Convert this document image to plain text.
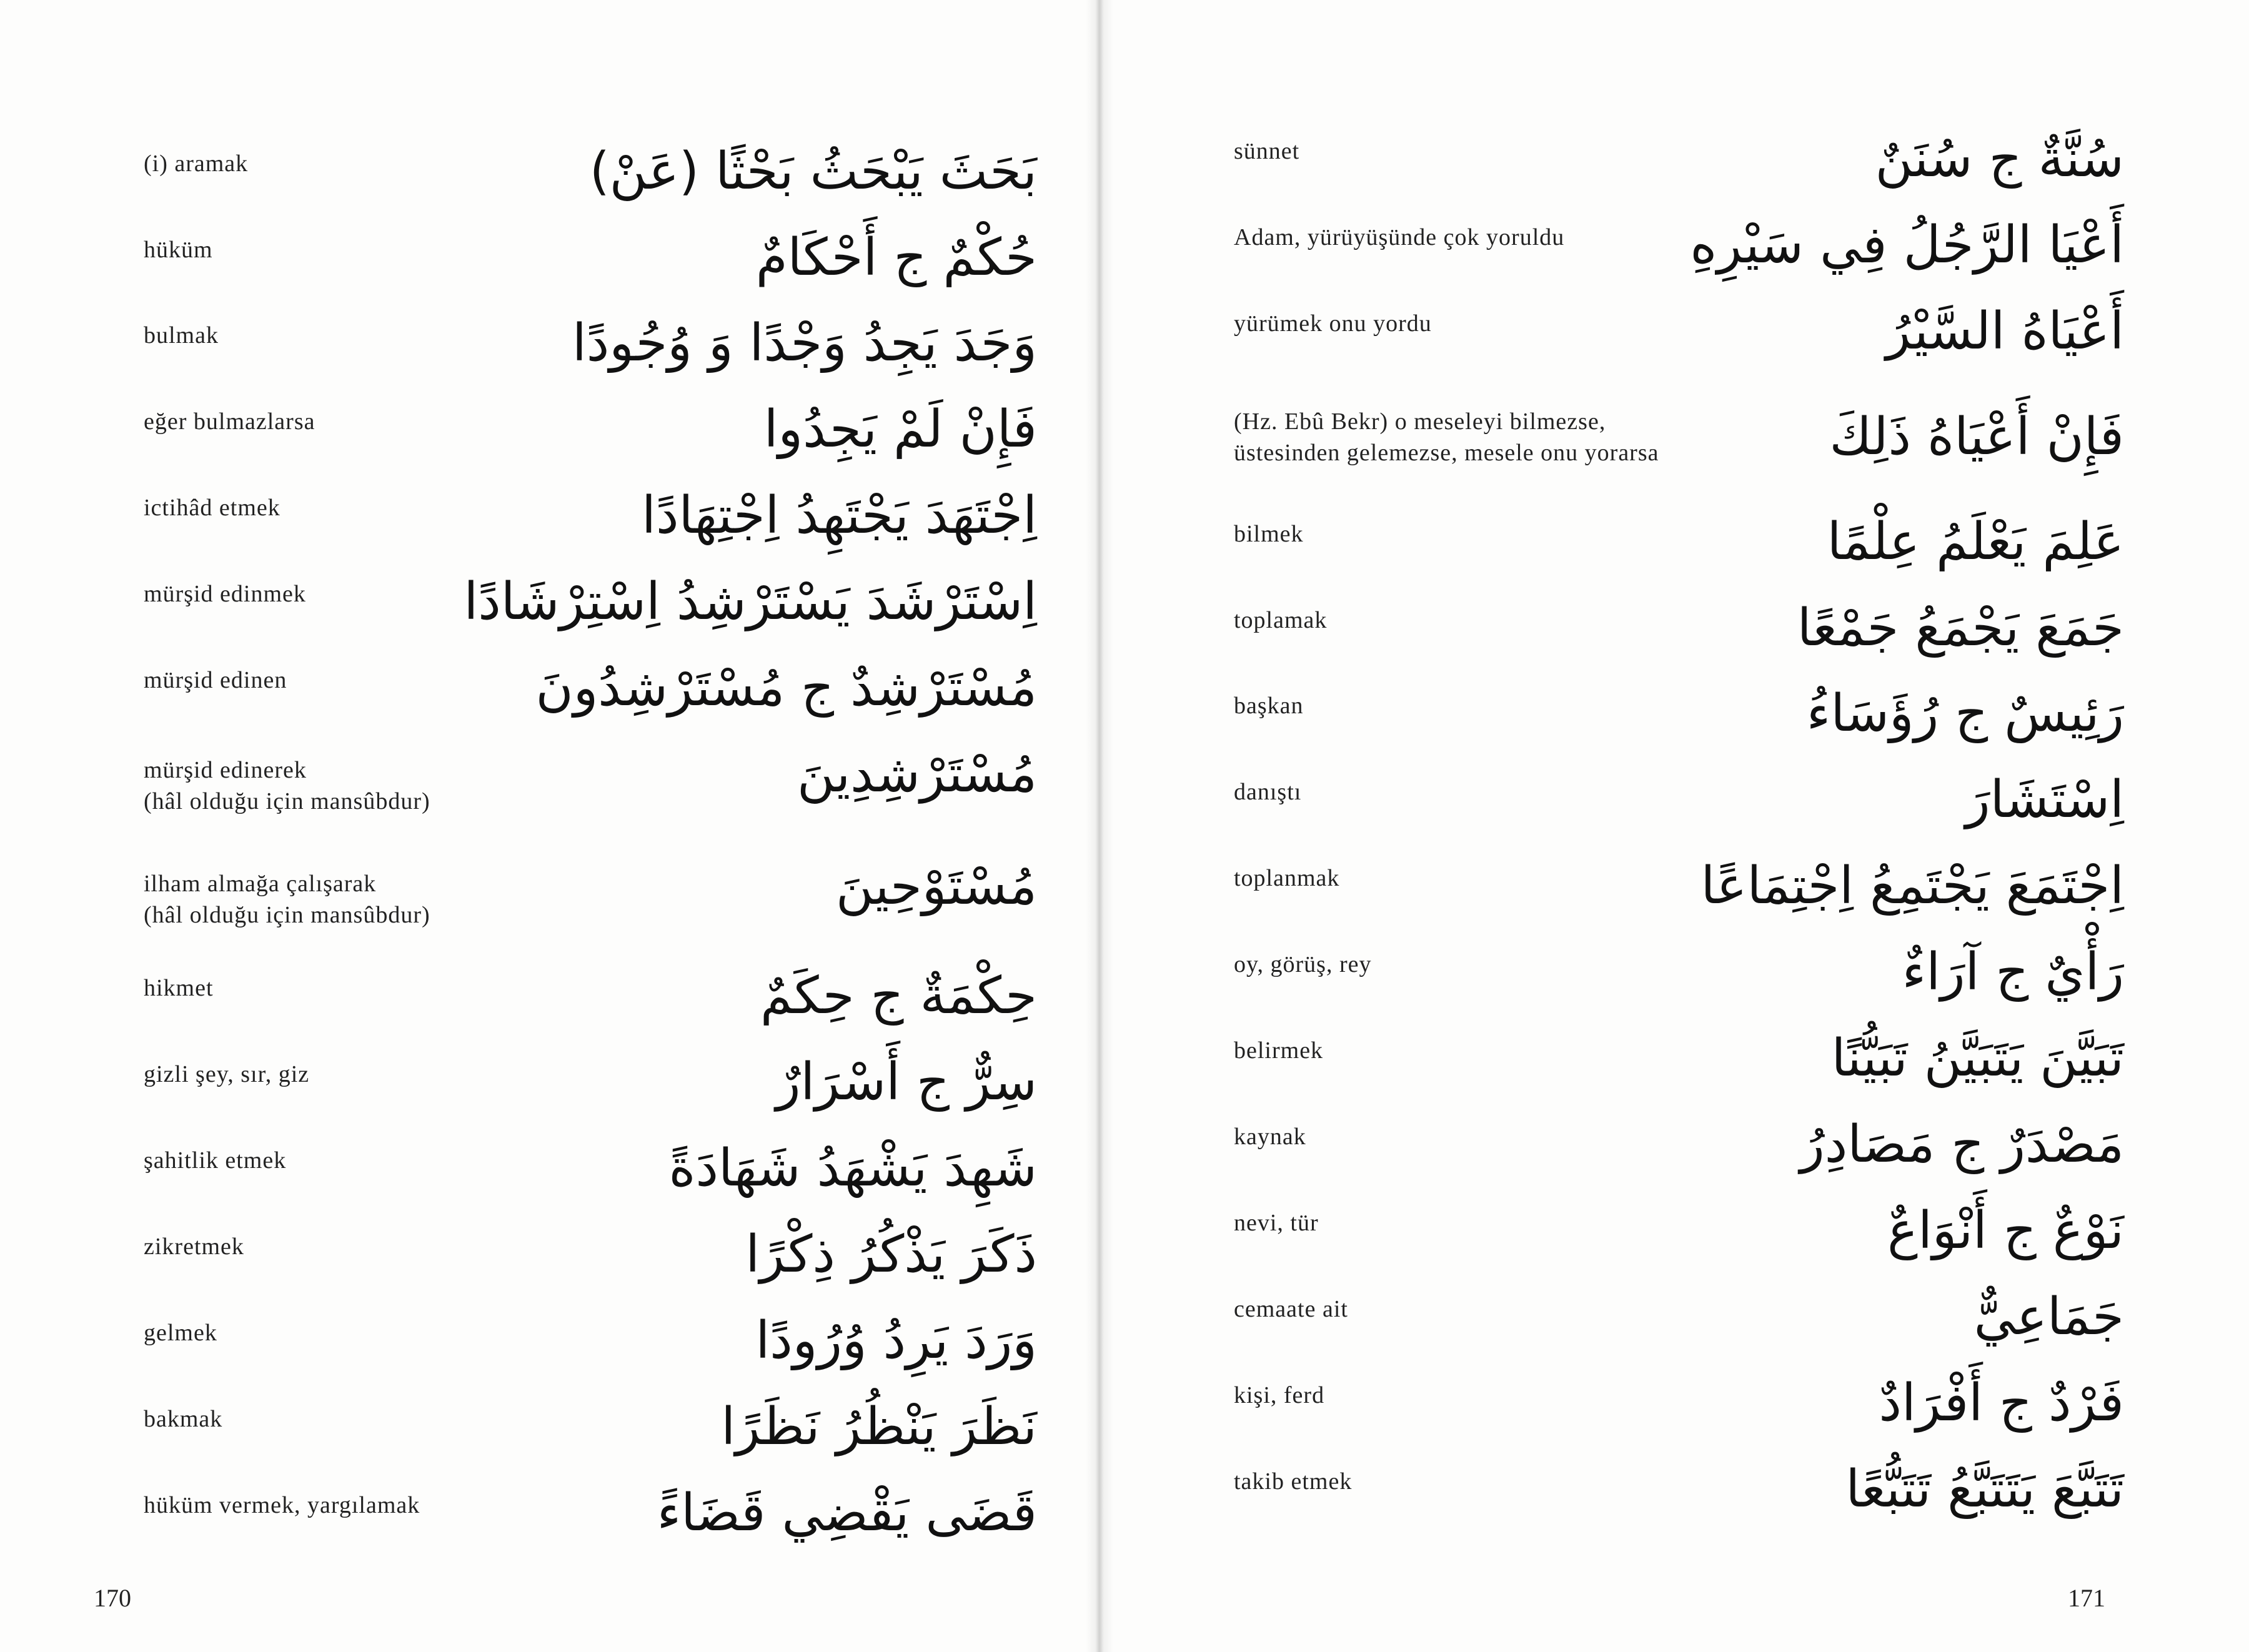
(i) aramak	بَحَثَ يَبْحَثُ بَحْثًا (عَنْ)
hüküm	حُكْمٌ ج أَحْكَامٌ
bulmak	وَجَدَ يَجِدُ وَجْدًا وَ وُجُودًا
eğer bulmazlarsa	فَإِنْ لَمْ يَجِدُوا
ictihâd etmek	اِجْتَهَدَ يَجْتَهِدُ اِجْتِهَادًا
mürşid edinmek	اِسْتَرْشَدَ يَسْتَرْشِدُ اِسْتِرْشَادًا
mürşid edinen	مُسْتَرْشِدٌ ج مُسْتَرْشِدُونَ
mürşid edinerek
(hâl olduğu için mansûbdur)	مُسْتَرْشِدِينَ
ilham almağa çalışarak
(hâl olduğu için mansûbdur)	مُسْتَوْحِينَ
hikmet	حِكْمَةٌ ج حِكَمٌ
gizli şey, sır, giz	سِرٌّ ج أَسْرَارٌ
şahitlik etmek	شَهِدَ يَشْهَدُ شَهَادَةً
zikretmek	ذَكَرَ يَذْكُرُ ذِكْرًا
gelmek	وَرَدَ يَرِدُ وُرُودًا
bakmak	نَظَرَ يَنْظُرُ نَظَرًا
hüküm vermek, yargılamak	قَضَى يَقْضِي قَضَاءً
170
sünnet	سُنَّةٌ ج سُنَنٌ
Adam, yürüyüşünde çok yoruldu	أَعْيَا الرَّجُلُ فِي سَيْرِهِ
yürümek onu yordu	أَعْيَاهُ السَّيْرُ
(Hz. Ebû Bekr) o meseleyi bilmezse,
üstesinden gelemezse, mesele onu yorarsa	فَإِنْ أَعْيَاهُ ذَلِكَ
bilmek	عَلِمَ يَعْلَمُ عِلْمًا
toplamak	جَمَعَ يَجْمَعُ جَمْعًا
başkan	رَئِيسٌ ج رُؤَسَاءُ
danıştı	اِسْتَشَارَ
toplanmak	اِجْتَمَعَ يَجْتَمِعُ اِجْتِمَاعًا
oy, görüş, rey	رَأْيٌ ج آرَاءٌ
belirmek	تَبَيَّنَ يَتَبَيَّنُ تَبَيُّنًا
kaynak	مَصْدَرٌ ج مَصَادِرُ
nevi, tür	نَوْعٌ ج أَنْوَاعٌ
cemaate ait	جَمَاعِيٌّ
kişi, ferd	فَرْدٌ ج أَفْرَادٌ
takib etmek	تَتَبَّعَ يَتَتَبَّعُ تَتَبُّعًا
171
